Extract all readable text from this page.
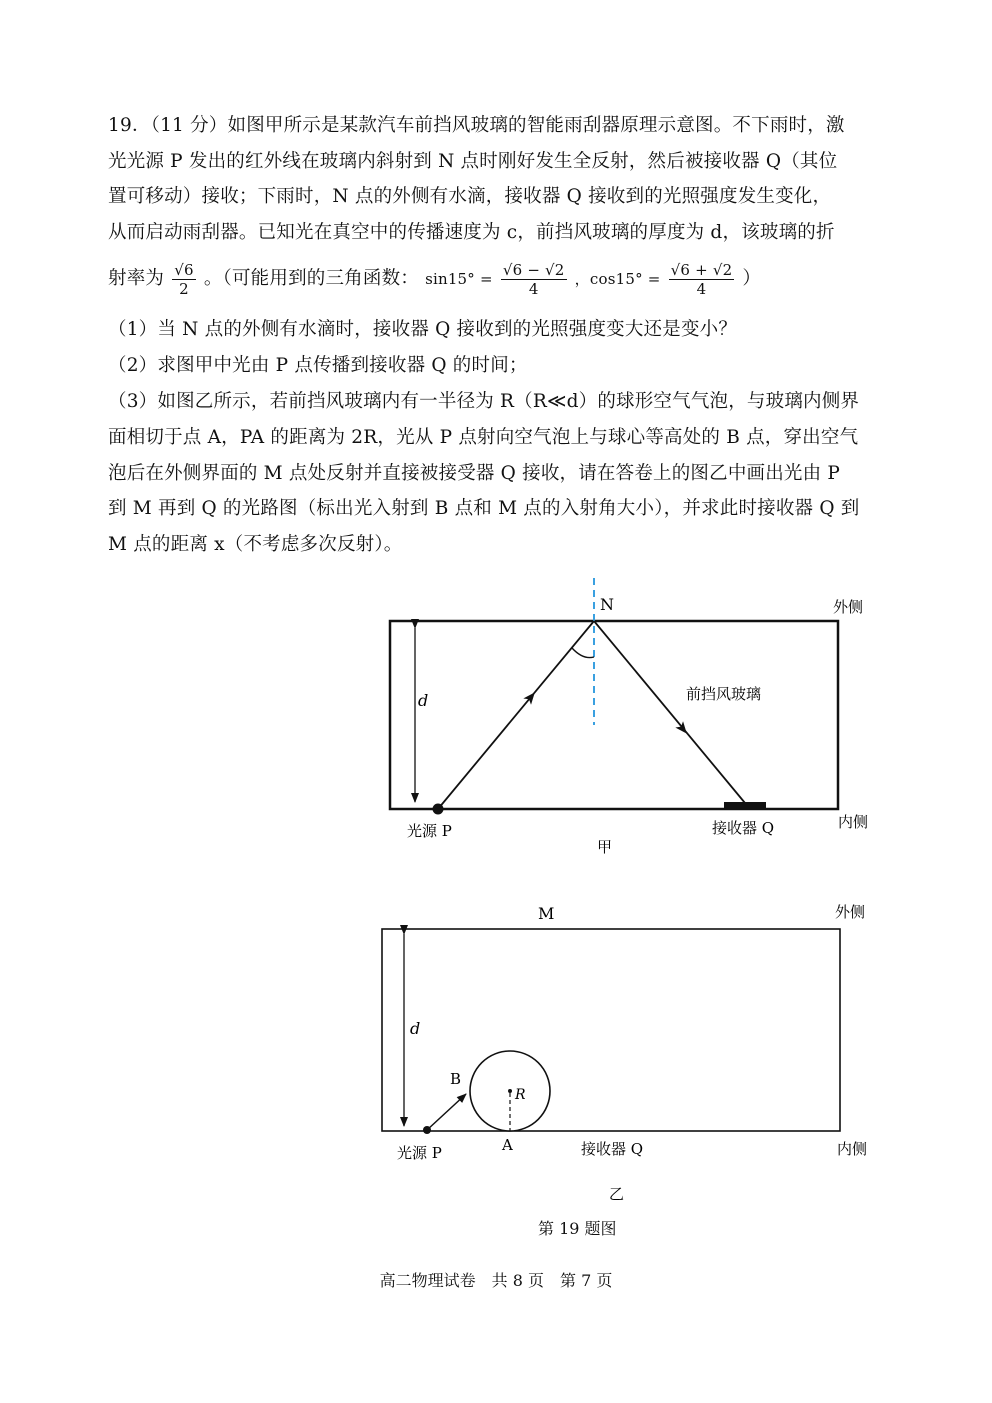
19．（11 分）如图甲所示是某款汽车前挡风玻璃的智能雨刮器原理示意图。不下雨时，激
光光源 P 发出的红外线在玻璃内斜射到 N 点时刚好发生全反射，然后被接收器 Q（其位
置可移动）接收；下雨时，N 点的外侧有水滴，接收器 Q 接收到的光照强度发生变化，
从而启动雨刮器。已知光在真空中的传播速度为 c，前挡风玻璃的厚度为 d，该玻璃的折
射率为 $\frac{√6}{2}$ 。（可能用到的三角函数： $\sin 15^\circ = \frac{√6 - √2}{4}$ ，$\cos 15^\circ = \frac{√6 + √2}{4}$ ）
（1）当 N 点的外侧有水滴时，接收器 Q 接收到的光照强度变大还是变小？
（2）求图甲中光由 P 点传播到接收器 Q 的时间；
（3）如图乙所示，若前挡风玻璃内有一半径为 R（R≪d）的球形空气气泡，与玻璃内侧界
面相切于点 A，PA 的距离为 2R，光从 P 点射向空气泡上与球心等高处的 B 点，穿出空气
泡后在外侧界面的 M 点处反射并直接被接受器 Q 接收，请在答卷上的图乙中画出光由 P
到 M 再到 Q 的光路图（标出光入射到 B 点和 M 点的入射角大小），并求此时接收器 Q 到
M 点的距离 x（不考虑多次反射）。
N	外侧
d	前挡风玻璃
光源 P	接收器 Q	内侧
甲
M	外侧
d
B
R
A
光源 P	接收器 Q	内侧
乙
第 19 题图
高二物理试卷　共 8 页　第 7 页
